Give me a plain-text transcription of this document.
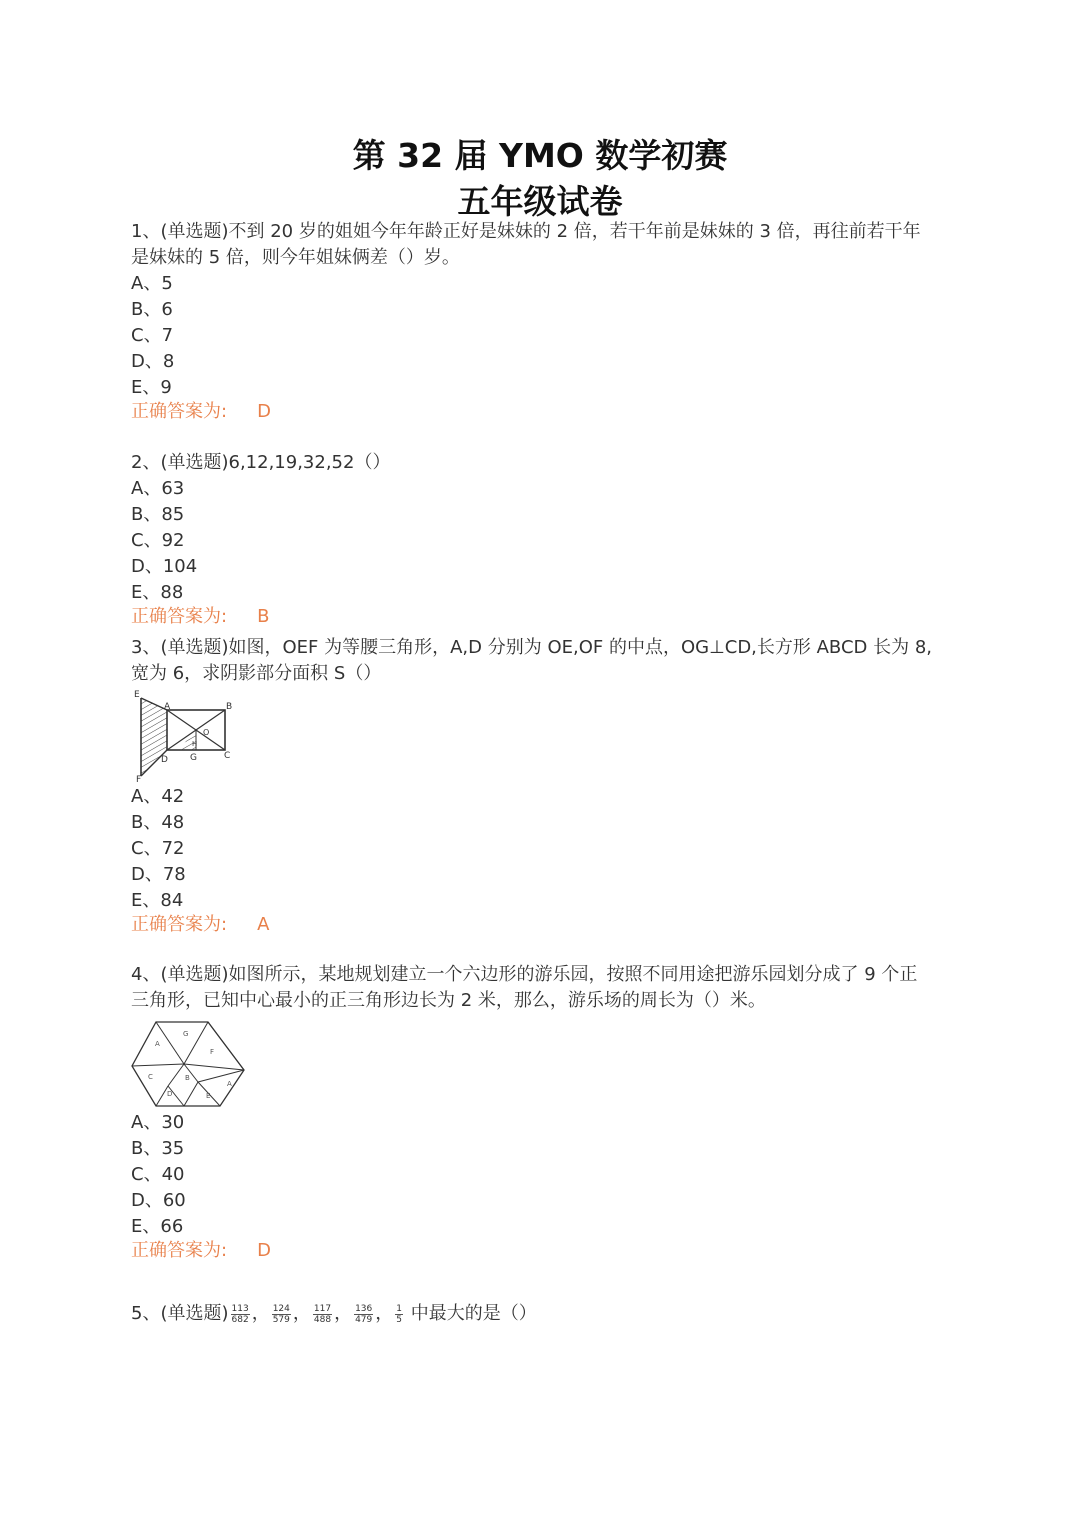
第 32 届 YMO 数学初赛
五年级试卷
1、(单选题)不到 20 岁的姐姐今年年龄正好是妹妹的 2 倍，若干年前是妹妹的 3 倍，再往前若干年
是妹妹的 5 倍，则今年姐妹俩差（）岁。
A、5
B、6
C、7
D、8
E、9
正确答案为: D
2、(单选题)6,12,19,32,52（）
A、63
B、85
C、92
D、104
E、88
正确答案为: B
3、(单选题)如图，OEF 为等腰三角形，A,D 分别为 OE,OF 的中点，OG⊥CD,长方形 ABCD 长为 8,
宽为 6，求阴影部分面积 S（）
E
A	B
O
H
D G	C
F
A、42
B、48
C、72
D、78
E、84
正确答案为: A
4、(单选题)如图所示，某地规划建立一个六边形的游乐园，按照不同用途把游乐园划分成了 9 个正
三角形，已知中心最小的正三角形边长为 2 米，那么，游乐场的周长为（）米。
A
G
F
C
D
B
E
A
A、30
B、35
C、40
D、60
E、66
正确答案为: D
5、(单选题) $\frac{113}{682}$ ， $\frac{124}{579}$ ， $\frac{117}{488}$ ， $\frac{136}{479}$ ， $\frac{1}{5}$ 中最大的是（）
